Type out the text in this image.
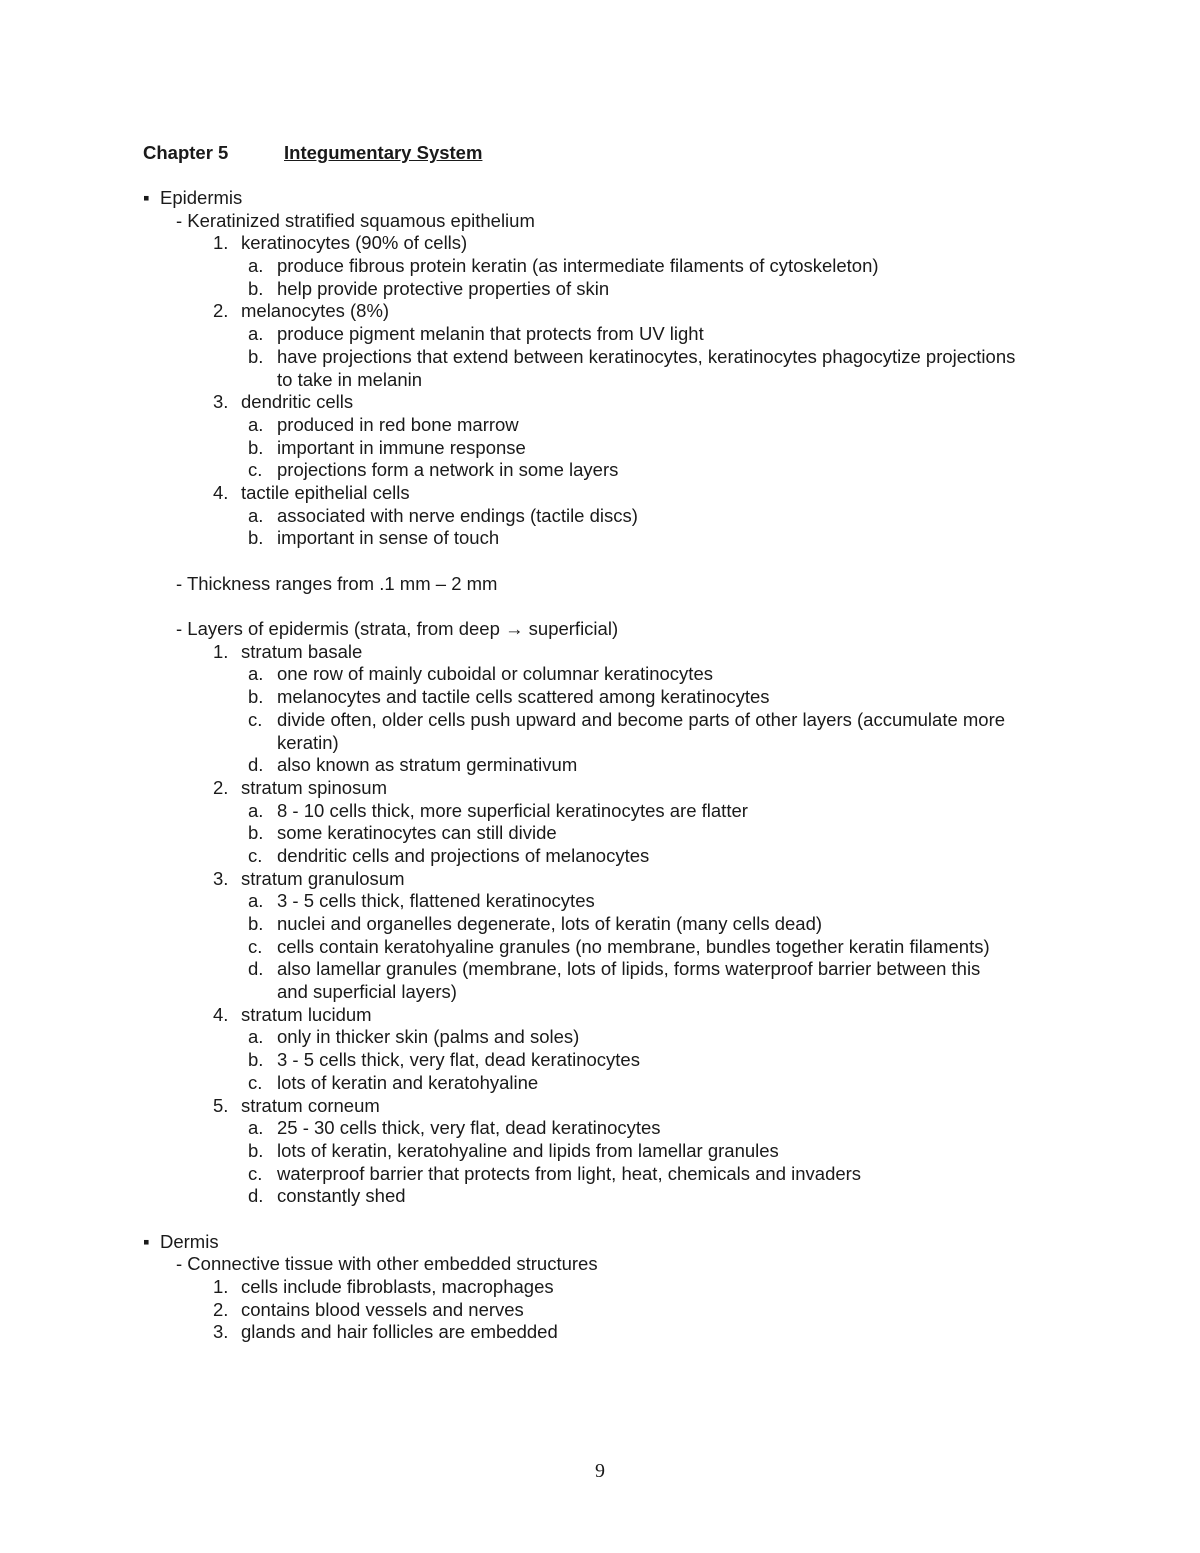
Chapter 5	Integumentary System
▪ Epidermis
- Keratinized stratified squamous epithelium
1. keratinocytes (90% of cells)
a. produce fibrous protein keratin (as intermediate filaments of cytoskeleton)
b. help provide protective properties of skin
2. melanocytes (8%)
a. produce pigment melanin that protects from UV light
b. have projections that extend between keratinocytes, keratinocytes phagocytize projections
to take in melanin
3. dendritic cells
a. produced in red bone marrow
b. important in immune response
c. projections form a network in some layers
4. tactile epithelial cells
a. associated with nerve endings (tactile discs)
b. important in sense of touch
- Thickness ranges from .1 mm – 2 mm
- Layers of epidermis (strata, from deep → superficial)
1. stratum basale
a. one row of mainly cuboidal or columnar keratinocytes
b. melanocytes and tactile cells scattered among keratinocytes
c. divide often, older cells push upward and become parts of other layers (accumulate more
keratin)
d. also known as stratum germinativum
2. stratum spinosum
a. 8 - 10 cells thick, more superficial keratinocytes are flatter
b. some keratinocytes can still divide
c. dendritic cells and projections of melanocytes
3. stratum granulosum
a. 3 - 5 cells thick, flattened keratinocytes
b. nuclei and organelles degenerate, lots of keratin (many cells dead)
c. cells contain keratohyaline granules (no membrane, bundles together keratin filaments)
d. also lamellar granules (membrane, lots of lipids, forms waterproof barrier between this
and superficial layers)
4. stratum lucidum
a. only in thicker skin (palms and soles)
b. 3 - 5 cells thick, very flat, dead keratinocytes
c. lots of keratin and keratohyaline
5. stratum corneum
a. 25 - 30 cells thick, very flat, dead keratinocytes
b. lots of keratin, keratohyaline and lipids from lamellar granules
c. waterproof barrier that protects from light, heat, chemicals and invaders
d. constantly shed
▪ Dermis
- Connective tissue with other embedded structures
1. cells include fibroblasts, macrophages
2. contains blood vessels and nerves
3. glands and hair follicles are embedded
9
